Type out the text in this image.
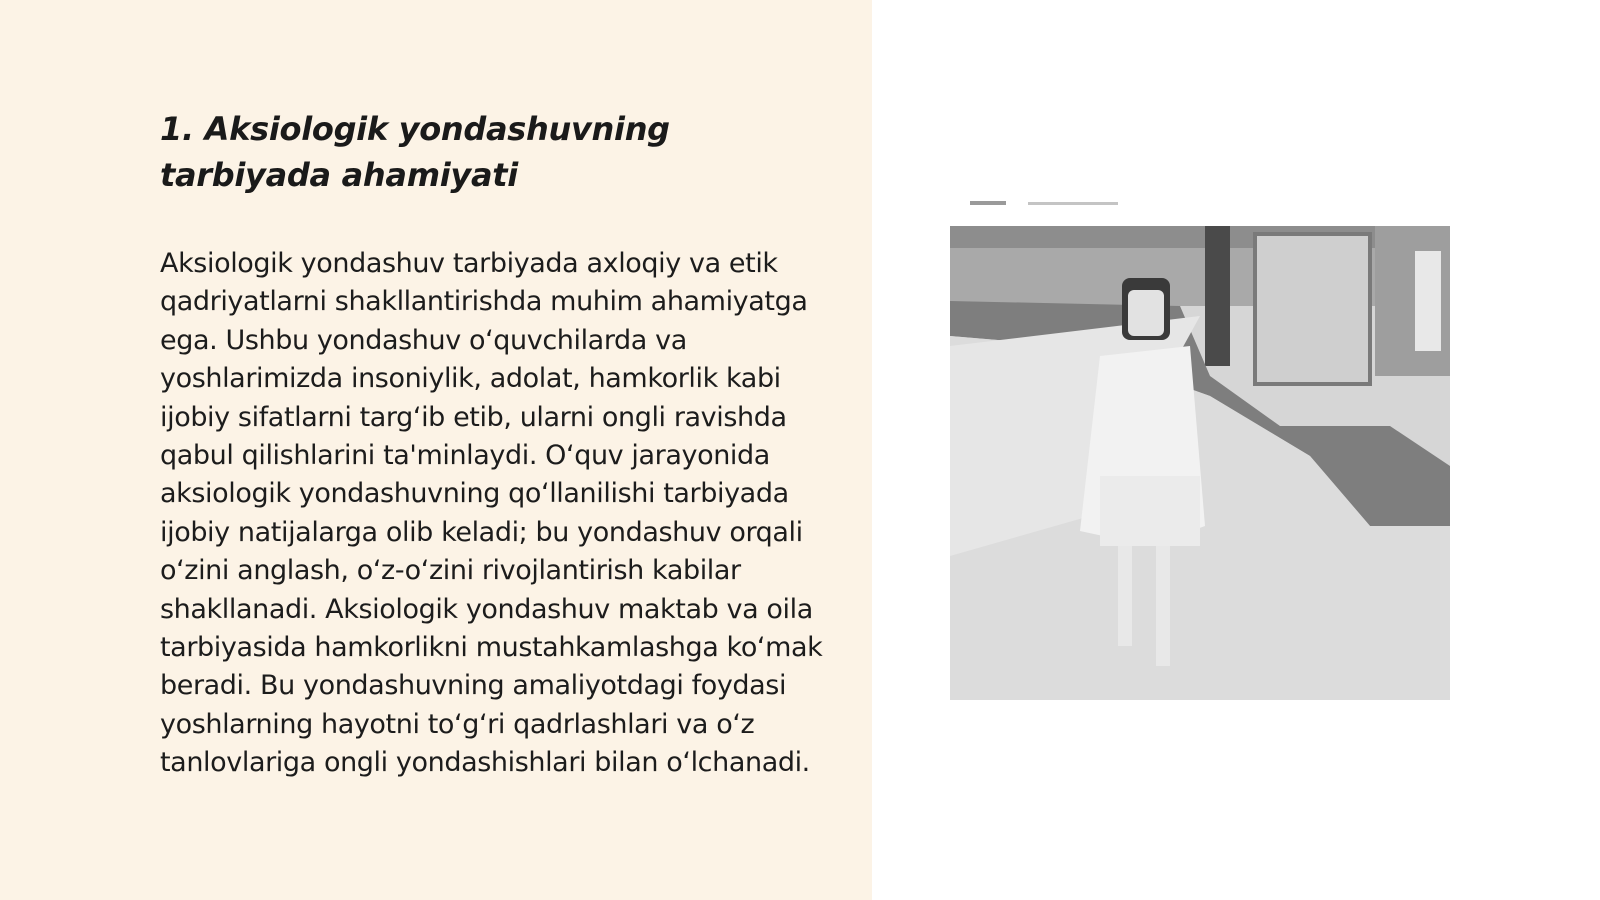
1. Aksiologik yondashuvning
tarbiyada ahamiyati

Aksiologik yondashuv tarbiyada axloqiy va etik qadriyatlarni shakllantirishda muhim ahamiyatga ega. Ushbu yondashuv o‘quvchilarda va yoshlarimizda insoniylik, adolat, hamkorlik kabi ijobiy sifatlarni targ‘ib etib, ularni ongli ravishda qabul qilishlarini ta'minlaydi. O‘quv jarayonida aksiologik yondashuvning qo‘llanilishi tarbiyada ijobiy natijalarga olib keladi; bu yondashuv orqali o‘zini anglash, o‘z-o‘zini rivojlantirish kabilar shakllanadi. Aksiologik yondashuv maktab va oila tarbiyasida hamkorlikni mustahkamlashga ko‘mak beradi. Bu yondashuvning amaliyotdagi foydasi yoshlarning hayotni to‘g‘ri qadrlashlari va o‘z tanlovlariga ongli yondashishlari bilan o‘lchanadi.
